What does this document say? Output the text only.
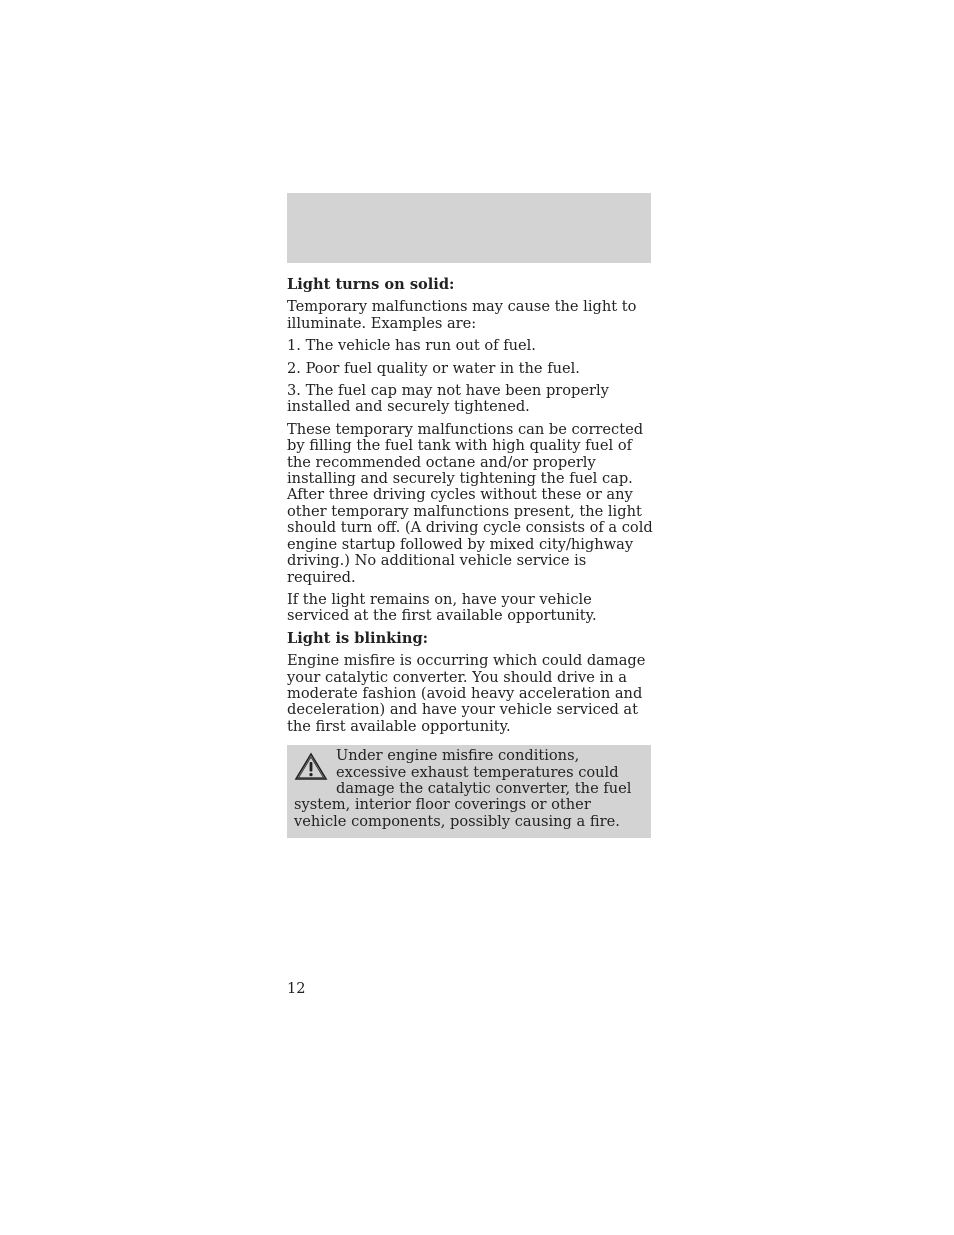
Light turns on solid:

Temporary malfunctions may cause the light to illuminate. Examples are:

1. The vehicle has run out of fuel.

2. Poor fuel quality or water in the fuel.

3. The fuel cap may not have been properly installed and securely tightened.

These temporary malfunctions can be corrected by filling the fuel tank with high quality fuel of the recommended octane and/or properly installing and securely tightening the fuel cap. After three driving cycles without these or any other temporary malfunctions present, the light should turn off. (A driving cycle consists of a cold engine startup followed by mixed city/highway driving.) No additional vehicle service is required.

If the light remains on, have your vehicle serviced at the first available opportunity.

Light is blinking:

Engine misfire is occurring which could damage your catalytic converter. You should drive in a moderate fashion (avoid heavy acceleration and deceleration) and have your vehicle serviced at the first available opportunity.

Under engine misfire conditions, excessive exhaust temperatures could damage the catalytic converter, the fuel system, interior floor coverings or other vehicle components, possibly causing a fire.

12
